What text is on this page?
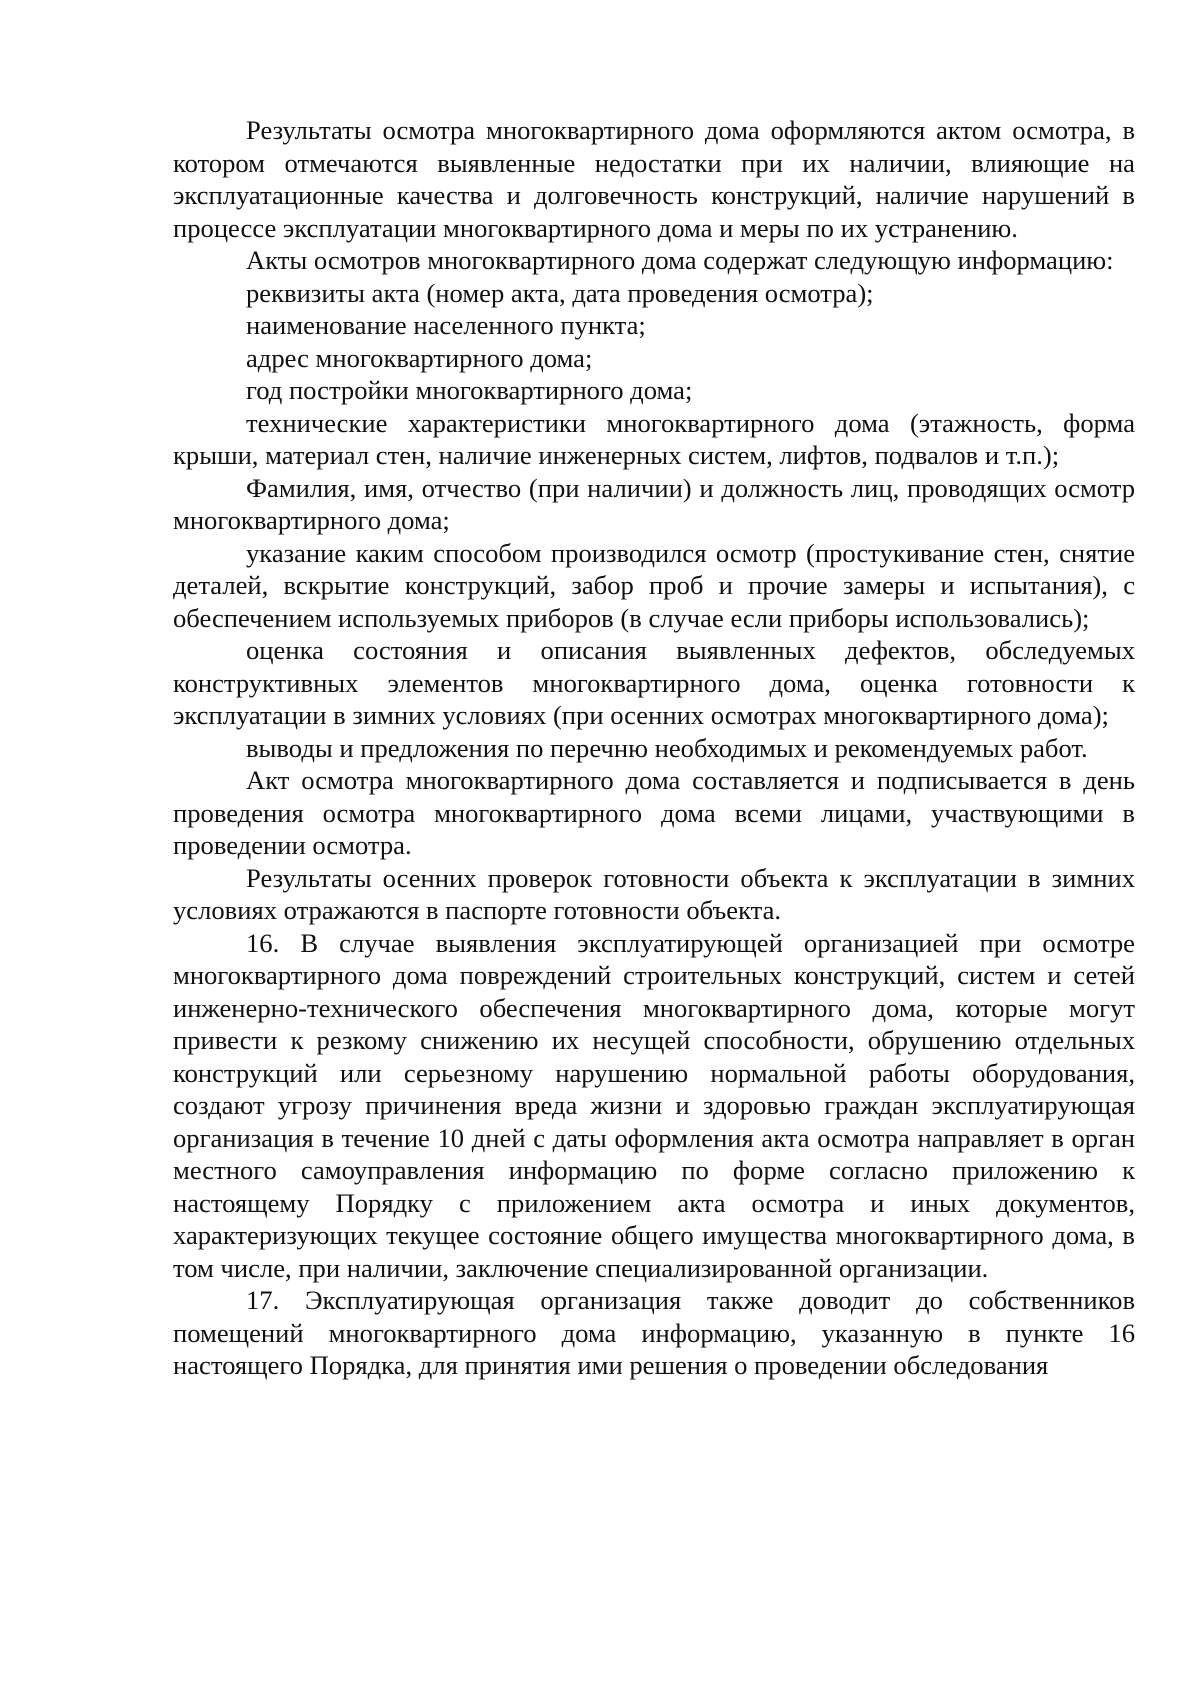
Результаты осмотра многоквартирного дома оформляются актом осмотра, в котором отмечаются выявленные недостатки при их наличии, влияющие на эксплуатационные качества и долговечность конструкций, наличие нарушений в процессе эксплуатации многоквартирного дома и меры по их устранению.

Акты осмотров многоквартирного дома содержат следующую информацию:

реквизиты акта (номер акта, дата проведения осмотра);

наименование населенного пункта;

адрес многоквартирного дома;

год постройки многоквартирного дома;

технические характеристики многоквартирного дома (этажность, форма крыши, материал стен, наличие инженерных систем, лифтов, подвалов и т.п.);

Фамилия, имя, отчество (при наличии) и должность лиц, проводящих осмотр многоквартирного дома;

указание каким способом производился осмотр (простукивание стен, снятие деталей, вскрытие конструкций, забор проб и прочие замеры и испытания), с обеспечением используемых приборов (в случае если приборы использовались);

оценка состояния и описания выявленных дефектов, обследуемых конструктивных элементов многоквартирного дома, оценка готовности к эксплуатации в зимних условиях (при осенних осмотрах многоквартирного дома);

выводы и предложения по перечню необходимых и рекомендуемых работ.

Акт осмотра многоквартирного дома составляется и подписывается в день проведения осмотра многоквартирного дома всеми лицами, участвующими в проведении осмотра.

Результаты осенних проверок готовности объекта к эксплуатации в зимних условиях отражаются в паспорте готовности объекта.

16. В случае выявления эксплуатирующей организацией при осмотре многоквартирного дома повреждений строительных конструкций, систем и сетей инженерно-технического обеспечения многоквартирного дома, которые могут привести к резкому снижению их несущей способности, обрушению отдельных конструкций или серьезному нарушению нормальной работы оборудования, создают угрозу причинения вреда жизни и здоровью граждан эксплуатирующая организация в течение 10 дней с даты оформления акта осмотра направляет в орган местного самоуправления информацию по форме согласно приложению к настоящему Порядку с приложением акта осмотра и иных документов, характеризующих текущее состояние общего имущества многоквартирного дома, в том числе, при наличии, заключение специализированной организации.

17. Эксплуатирующая организация также доводит до собственников помещений многоквартирного дома информацию, указанную в пункте 16 настоящего Порядка, для принятия ими решения о проведении обследования
